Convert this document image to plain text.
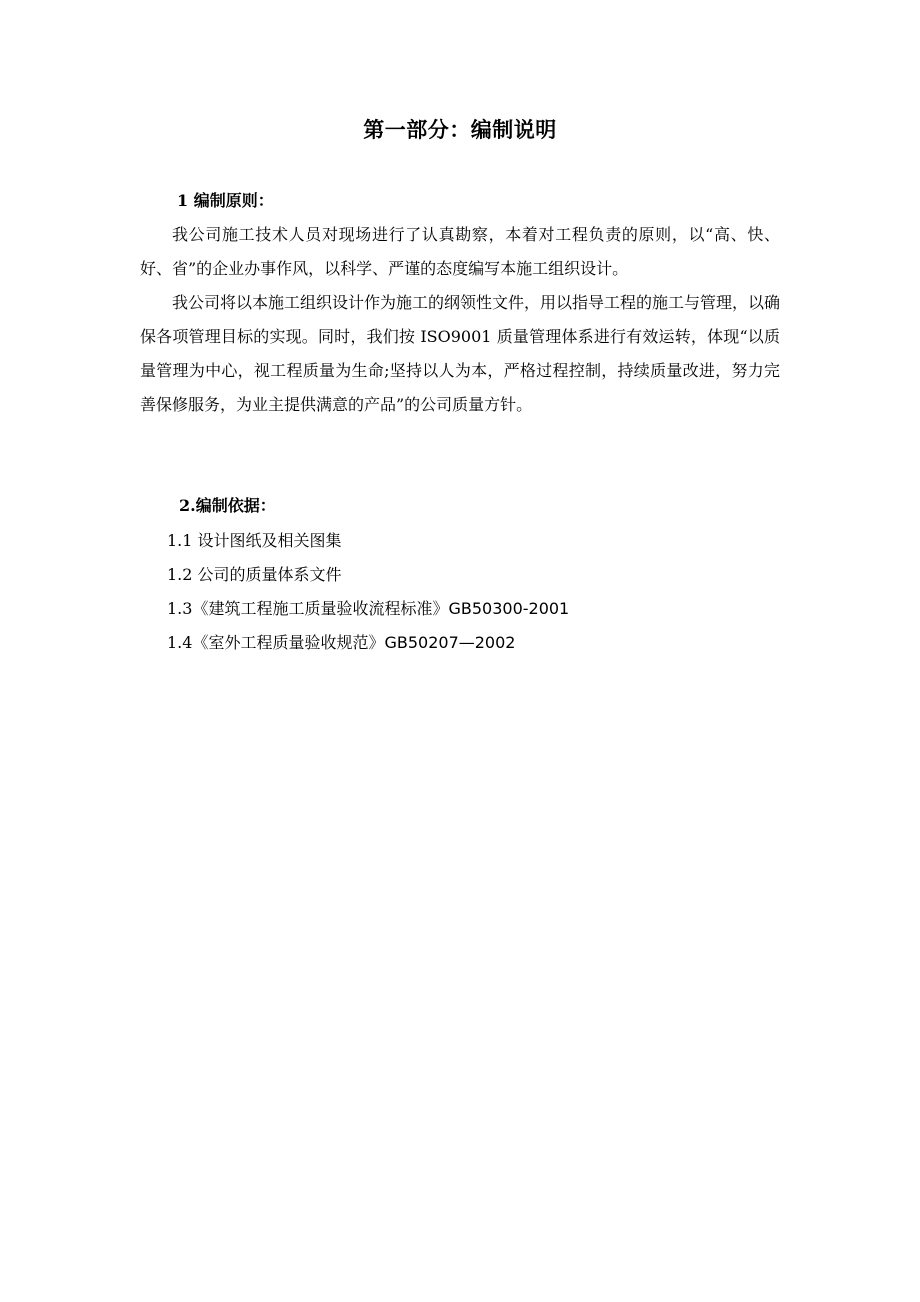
第一部分：编制说明
1 编制原则：

我公司施工技术人员对现场进行了认真勘察，本着对工程负责的原则，以“高、快、好、省”的企业办事作风，以科学、严谨的态度编写本施工组织设计。

我公司将以本施工组织设计作为施工的纲领性文件，用以指导工程的施工与管理，以确保各项管理目标的实现。同时，我们按 ISO9001 质量管理体系进行有效运转，体现“以质量管理为中心，视工程质量为生命;坚持以人为本，严格过程控制，持续质量改进，努力完善保修服务，为业主提供满意的产品”的公司质量方针。

2.编制依据：
1.1 设计图纸及相关图集
1.2 公司的质量体系文件
1.3《建筑工程施工质量验收流程标准》GB50300-2001
1.4《室外工程质量验收规范》GB50207—2002
